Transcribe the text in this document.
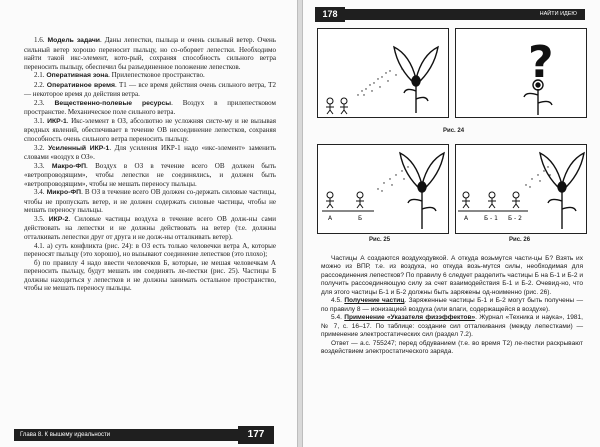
1.6. Модель задачи. Даны лепестки, пыльца и очень сильный ветер. Очень сильный ветер хорошо переносит пыльцу, но со-оборвет лепестки. Необходимо найти такой икс-элемент, кото-рый, сохраняя способность сильного ветра переносить пыльцу, обеспечил бы разъединенное положение лепестков.

2.1. Оперативная зона. Прилепестковое пространство.

2.2. Оперативное время. Т1 — все время действия очень сильного ветра, Т2 — некоторое время до действия ветра.

2.3. Вещественно-полевые ресурсы. Воздух в прилепестковом пространстве. Механическое поле сильного ветра.

3.1. ИКР-1. Икс-элемент в ОЗ, абсолютно не усложняя систе-му и не вызывая вредных явлений, обеспечивает в течение ОВ несоединение лепестков, сохраняя способность очень сильного ветра переносить пыльцу.

3.2. Усиленный ИКР-1. Для усиления ИКР-1 надо «икс-элемент» заменить словами «воздух в ОЗ».

3.3. Макро-ФП. Воздух в ОЗ в течение всего ОВ должен быть «ветропроводящим», чтобы лепестки не соединялись, и должен быть «ветропроводящим», чтобы не мешать переносу пыльцы.

3.4. Микро-ФП. В ОЗ в течение всего ОВ должен со-держать силовые частицы, чтобы не пропускать ветер, и не должен содержать силовые частицы, чтобы не мешать переносу пыльцы.

3.5. ИКР-2. Силовые частицы воздуха в течение всего ОВ долж-ны сами действовать на лепестки и не должны действовать на ветер (т.е. должны отталкивать лепестки друг от друга и не долж-ны отталкивать ветер).

4.1. а) суть конфликта (рис. 24): в ОЗ есть только человечки ветра А, которые переносят пыльцу (это хорошо), но вызывают соединение лепестков (это плохо);

б) по правилу 4 надо ввести человечков Б, которые, не мешая человечкам А переносить пыльцу, будут мешать им соединять ле-пестки (рис. 25). Частицы Б должны находиться у лепестков и не должны занимать остальное пространство, чтобы не мешать переносу пыльцы.

Глава 8. К вышему идеальности	177
178	НАЙТИ ИДЕЮ
?
Рис. 24
А	Б
Рис. 25
А	Б - 1 Б - 2
Рис. 26

Частицы А создаются воздуходувкой. А откуда возьмутся части-цы Б? Взять их можно из ВПР, т.е. из воздуха, но откуда возь-мутся силы, необходимая для рассоединения лепестков? По правилу 6 следует разделить частицы Б на Б-1 и Б-2 и получить рассоединяющую силу за счет взаимодействия Б-1 и Б-2. Очевид-но, что для этого частицы Б-1 и Б-2 должны быть заряжены од-ноименно (рис. 26).

4.5. Получение частиц. Заряженные частицы Б-1 и Б-2 могут быть получены — по правилу 8 — ионизацией воздуха (или влаги, содержащейся в воздухе).

5.4. Применение «Указателя физэффектов». Журнал «Техника и наука», 1981, № 7, с. 16–17. По таблице: создание сил отталкивания (между лепестками) — применение электростатических сил (раздел 7.2).

Ответ — а.с. 755247; перед обдуванием (т.е. во время Т2) ле-пестки раскрывают воздействием электростатического заряда.
